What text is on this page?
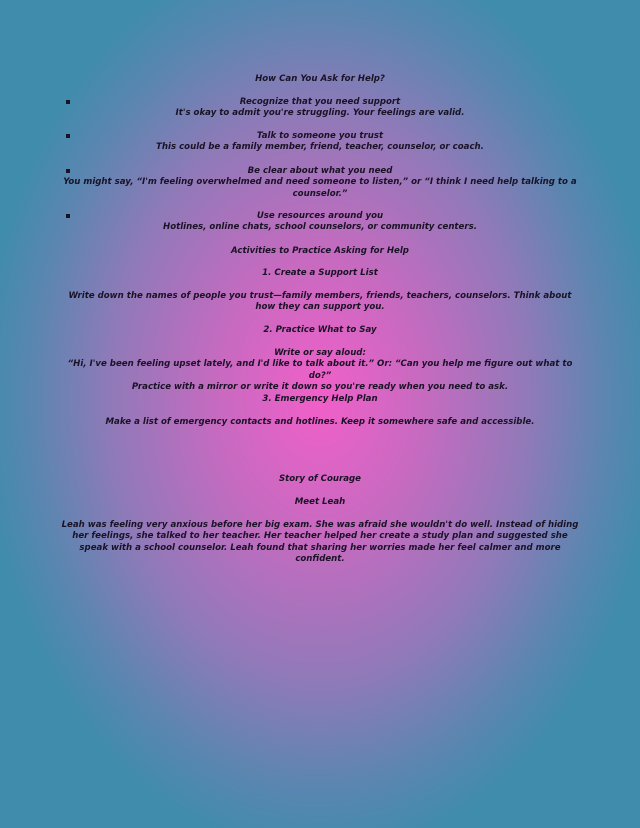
How Can You Ask for Help?

Recognize that you need support

It's okay to admit you're struggling. Your feelings are valid.

Talk to someone you trust

This could be a family member, friend, teacher, counselor, or coach.

Be clear about what you need

You might say, “I'm feeling overwhelmed and need someone to listen,” or “I think I need help talking to a counselor.”

Use resources around you

Hotlines, online chats, school counselors, or community centers.

Activities to Practice Asking for Help
1. Create a Support List
Write down the names of people you trust—family members, friends, teachers, counselors. Think about how they can support you.
2. Practice What to Say

Write or say aloud:

“Hi, I've been feeling upset lately, and I'd like to talk about it.” Or: “Can you help me figure out what to do?”

Practice with a mirror or write it down so you're ready when you need to ask.

3. Emergency Help Plan
Make a list of emergency contacts and hotlines. Keep it somewhere safe and accessible.
Story of Courage
Meet Leah
Leah was feeling very anxious before her big exam. She was afraid she wouldn't do well. Instead of hiding her feelings, she talked to her teacher. Her teacher helped her create a study plan and suggested she speak with a school counselor. Leah found that sharing her worries made her feel calmer and more confident.
